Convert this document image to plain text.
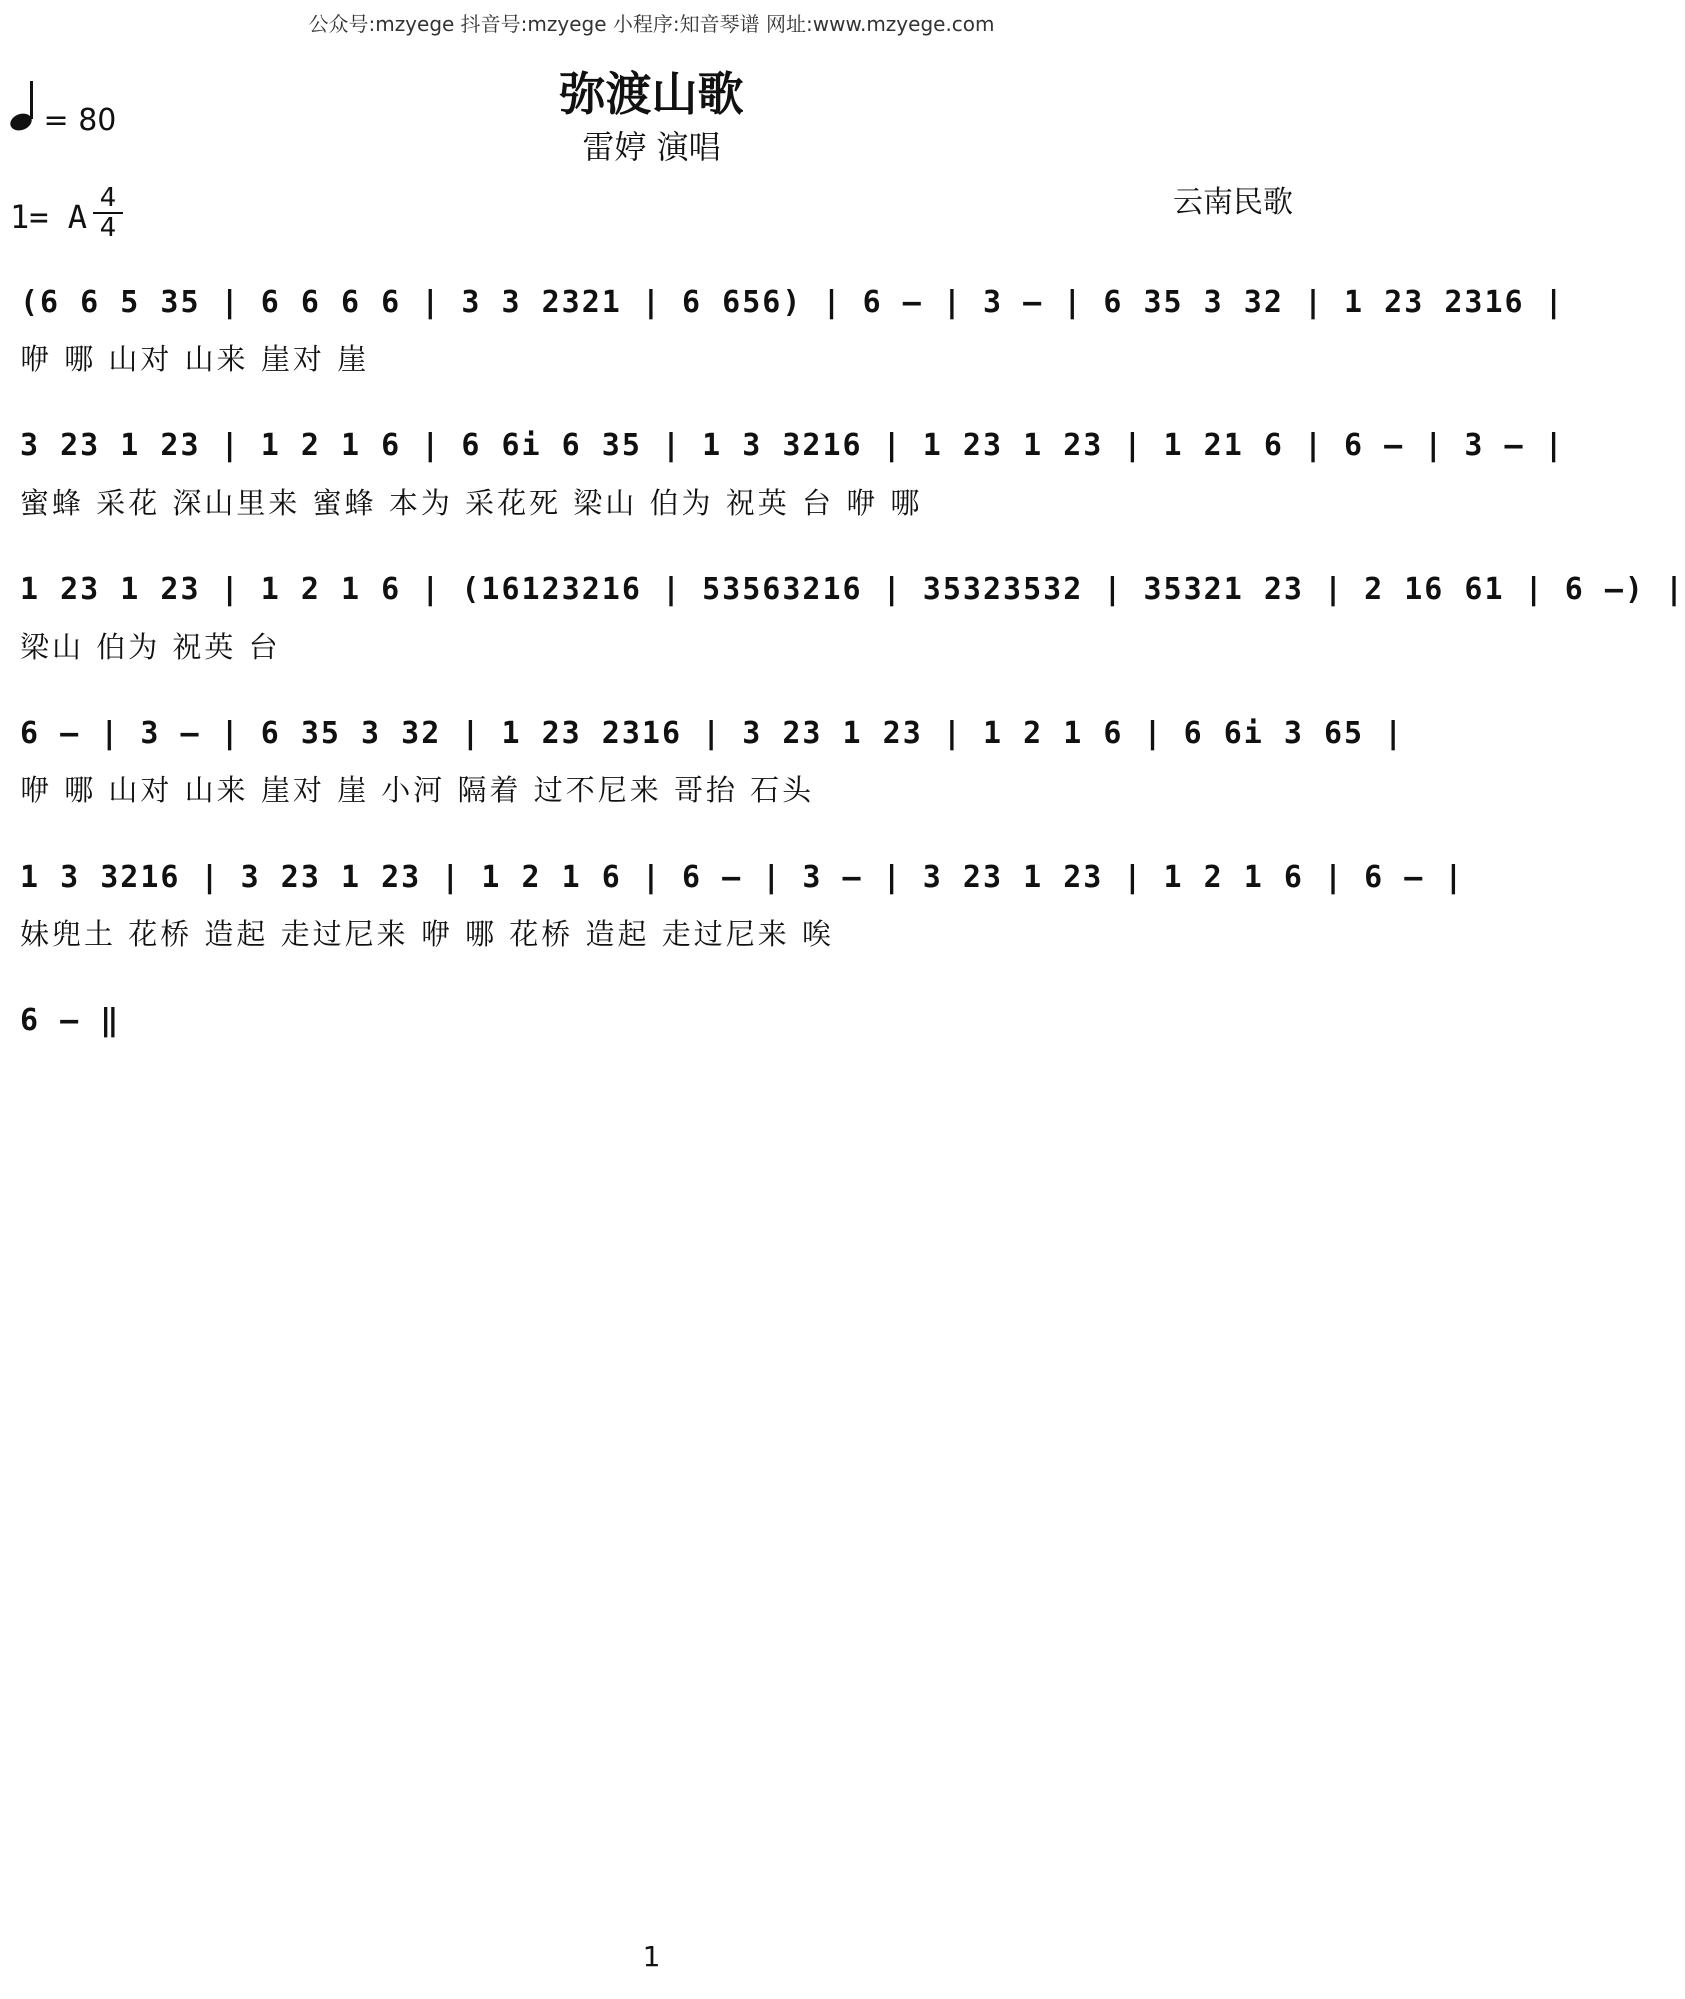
公众号:mzyege 抖音号:mzyege 小程序:知音琴谱 网址:www.mzyege.com
弥渡山歌
雷婷 演唱
= 80
1= A 4
4
云南民歌
(6 6 5 35 | 6 6 6 6 | 3 3 2321 | 6 656) | 6 – | 3 – | 6 35 3 32 | 1 23 2316 |
咿 哪 山对 山来 崖对 崖
3 23 1 23 | 1 2 1 6 | 6 6i 6 35 | 1 3 3216 | 1 23 1 23 | 1 21 6 | 6 – | 3 – |
蜜蜂 采花 深山里来 蜜蜂 本为 采花死 梁山 伯为 祝英 台 咿 哪
1 23 1 23 | 1 2 1 6 | (16123216 | 53563216 | 35323532 | 35321 23 | 2 16 61 | 6 –) |
梁山 伯为 祝英 台
6 – | 3 – | 6 35 3 32 | 1 23 2316 | 3 23 1 23 | 1 2 1 6 | 6 6i 3 65 |
咿 哪 山对 山来 崖对 崖 小河 隔着 过不尼来 哥抬 石头
1 3 3216 | 3 23 1 23 | 1 2 1 6 | 6 – | 3 – | 3 23 1 23 | 1 2 1 6 | 6 – |
妹兜土 花桥 造起 走过尼来 咿 哪 花桥 造起 走过尼来 唉
6 – ‖
1
